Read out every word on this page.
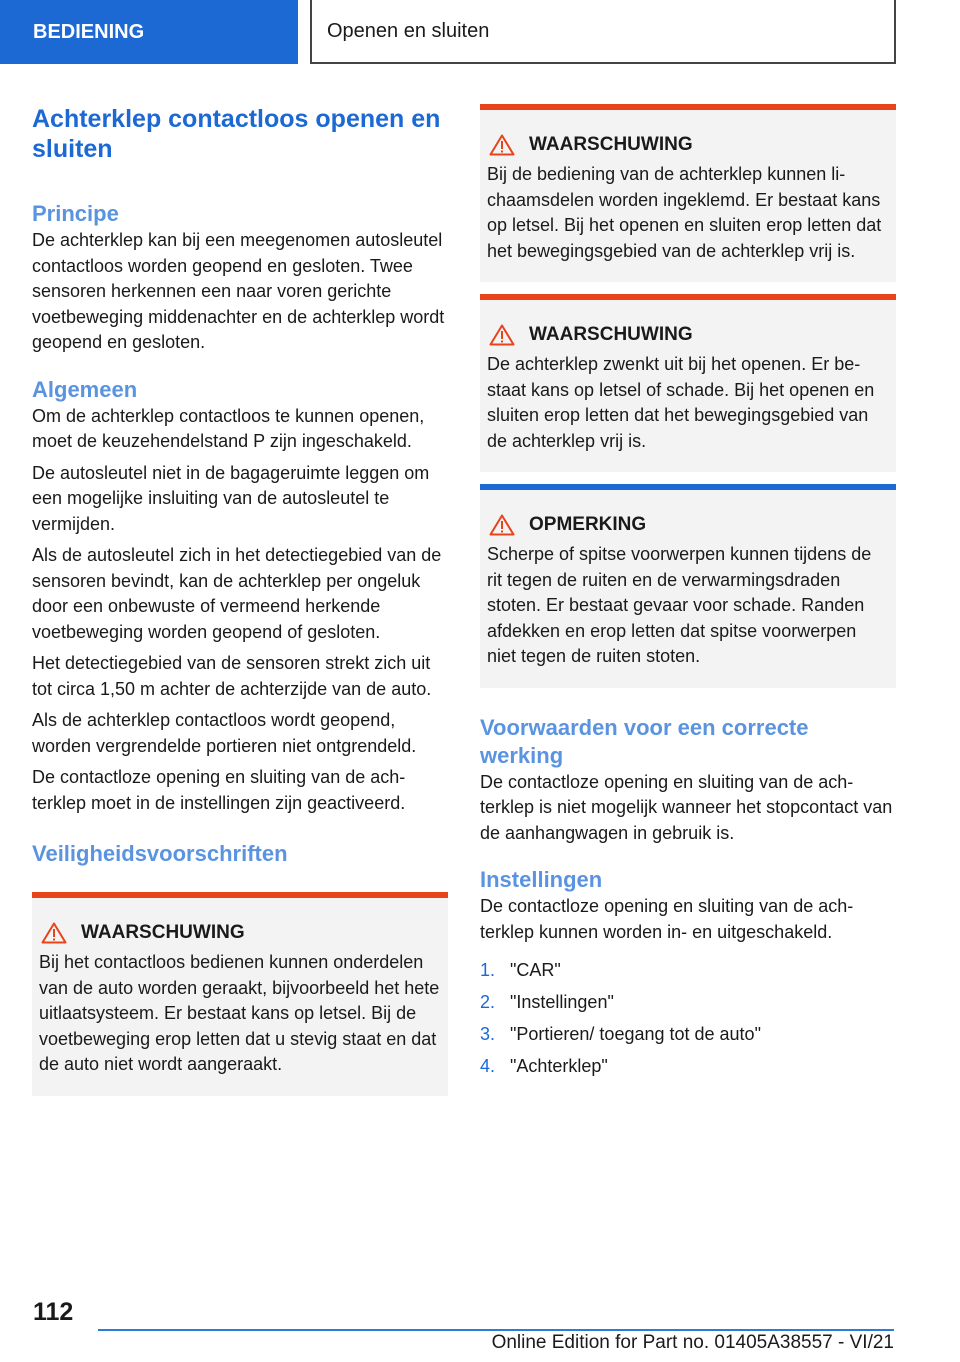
BEDIENING	Openen en sluiten
Achterklep contactloos openen en sluiten
Principe

De achterklep kan bij een meegenomen autosleutel contactloos worden geopend en gesloten. Twee sensoren herkennen een naar voren gerichte voetbeweging middenachter en de achterklep wordt geopend en gesloten.

Algemeen

Om de achterklep contactloos te kunnen openen, moet de keuzehendelstand P zijn ingeschakeld.

De autosleutel niet in de bagageruimte leggen om een mogelijke insluiting van de autosleutel te vermijden.

Als de autosleutel zich in het detectiegebied van de sensoren bevindt, kan de achterklep per ongeluk door een onbewuste of vermeend herkende voetbeweging worden geopend of gesloten.

Het detectiegebied van de sensoren strekt zich uit tot circa 1,50 m achter de achterzijde van de auto.

Als de achterklep contactloos wordt geopend, worden vergrendelde portieren niet ontgrendeld.

De contactloze opening en sluiting van de achterklep moet in de instellingen zijn geactiveerd.

Veiligheidsvoorschriften
WAARSCHUWING

Bij het contactloos bedienen kunnen onderdelen van de auto worden geraakt, bijvoorbeeld het hete uitlaatsysteem. Er bestaat kans op letsel. Bij de voetbeweging erop letten dat u stevig staat en dat de auto niet wordt aangeraakt.

WAARSCHUWING

Bij de bediening van de achterklep kunnen lichaamsdelen worden ingeklemd. Er bestaat kans op letsel. Bij het openen en sluiten erop letten dat het bewegingsgebied van de achterklep vrij is.

WAARSCHUWING

De achterklep zwenkt uit bij het openen. Er bestaat kans op letsel of schade. Bij het openen en sluiten erop letten dat het bewegingsgebied van de achterklep vrij is.

OPMERKING

Scherpe of spitse voorwerpen kunnen tijdens de rit tegen de ruiten en de verwarmingsdraden stoten. Er bestaat gevaar voor schade. Randen afdekken en erop letten dat spitse voorwerpen niet tegen de ruiten stoten.

Voorwaarden voor een correcte werking

De contactloze opening en sluiting van de achterklep is niet mogelijk wanneer het stopcontact van de aanhangwagen in gebruik is.

Instellingen

De contactloze opening en sluiting van de achterklep kunnen worden in- en uitgeschakeld.

1. "CAR"
2. "Instellingen"
3. "Portieren/ toegang tot de auto"
4. "Achterklep"
112
Online Edition for Part no. 01405A38557 - VI/21
